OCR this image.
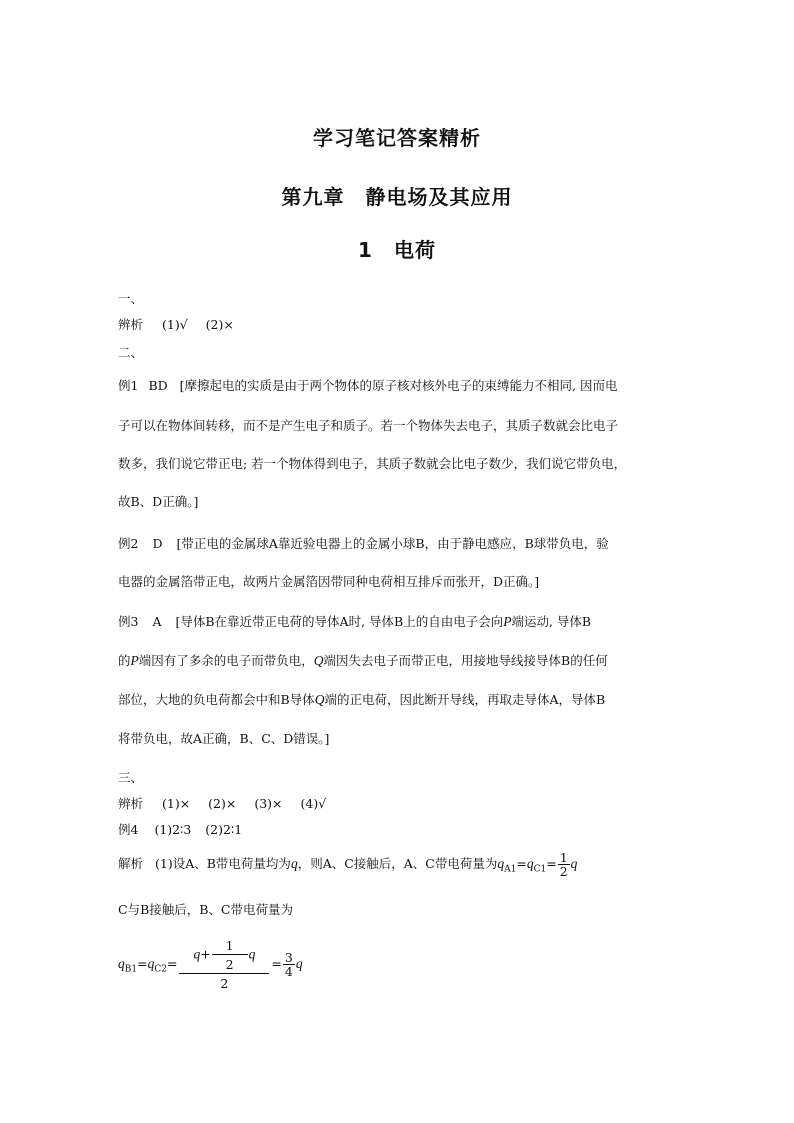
学习笔记答案精析
第九章　静电场及其应用
1　电荷
一、
辨析 (1)√ (2)×
二、
例1 BD [摩擦起电的实质是由于两个物体的原子核对核外电子的束缚能力不相同, 因而电
子可以在物体间转移，而不是产生电子和质子。若一个物体失去电子，其质子数就会比电子
数多，我们说它带正电; 若一个物体得到电子，其质子数就会比电子数少，我们说它带负电，
故B、D正确。]
例2 D [带正电的金属球A靠近验电器上的金属小球B，由于静电感应，B球带负电，验
电器的金属箔带正电，故两片金属箔因带同种电荷相互排斥而张开，D正确。]
例3 A [导体B在靠近带正电荷的导体A时, 导体B上的自由电子会向P端运动, 导体B
的P端因有了多余的电子而带负电，Q端因失去电子而带正电，用接地导线接导体B的任何
部位，大地的负电荷都会中和B导体Q端的正电荷，因此断开导线，再取走导体A，导体B
将带负电，故A正确，B、C、D错误。]
三、
辨析 (1)× (2)× (3)× (4)√
例4 (1)2∶3 (2)2∶1
解析 (1)设A、B带电荷量均为q，则A、C接触后，A、C带电荷量为$q_{A1}=q_{C1}= \frac{1}{2}$ q
C与B接触后，B、C带电荷量为
$q_{B1}=q_{C2}= \frac{q+ \frac{1}{2} q}{2} = \frac{3}{4}$ q
